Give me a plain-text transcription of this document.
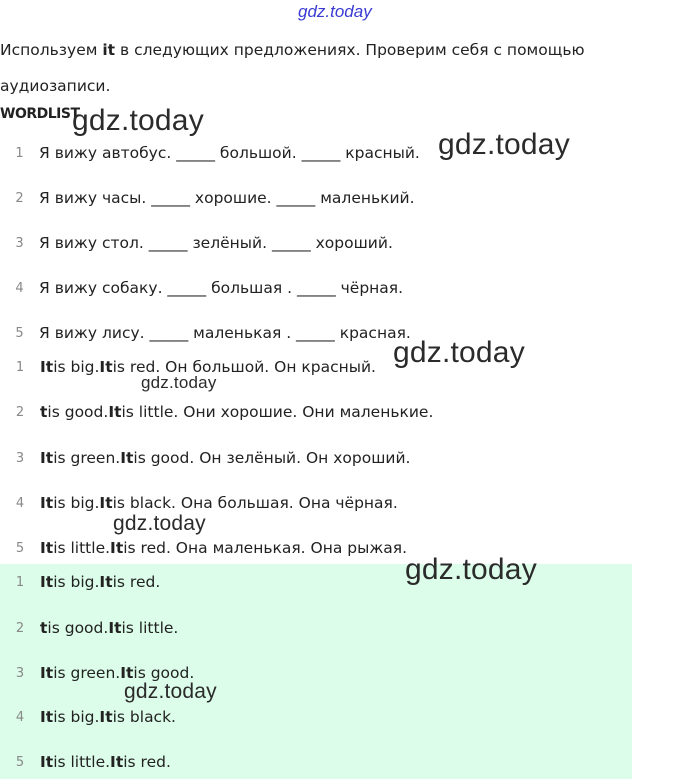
gdz.today
Используем it в следующих предложениях. Проверим себя с помощью
аудиозаписи.
WORDLIST
1 Я вижу автобус. _____ большой. _____ красный.
2 Я вижу часы. _____ хорошие. _____ маленький.
3 Я вижу стол. _____ зелёный. _____ хороший.
4 Я вижу собаку. _____ большая . _____ чёрная.
5 Я вижу лису. _____ маленькая . _____ красная.
1	It is big. It is red. Он большой. Он красный.
2	t is good. It is little. Они хорошие. Они маленькие.
3	It is green. It is good. Он зелёный. Он хороший.
4	It is big. It is black. Она большая. Она чёрная.
5	It is little. It is red. Она маленькая. Она рыжая.
1	It is big. It is red.
2	t is good. It is little.
3	It is green. It is good.
4	It is big. It is black.
5	It is little. It is red.
gdz.today
gdz.today
gdz.today
gdz.today
gdz.today
gdz.today
gdz.today
